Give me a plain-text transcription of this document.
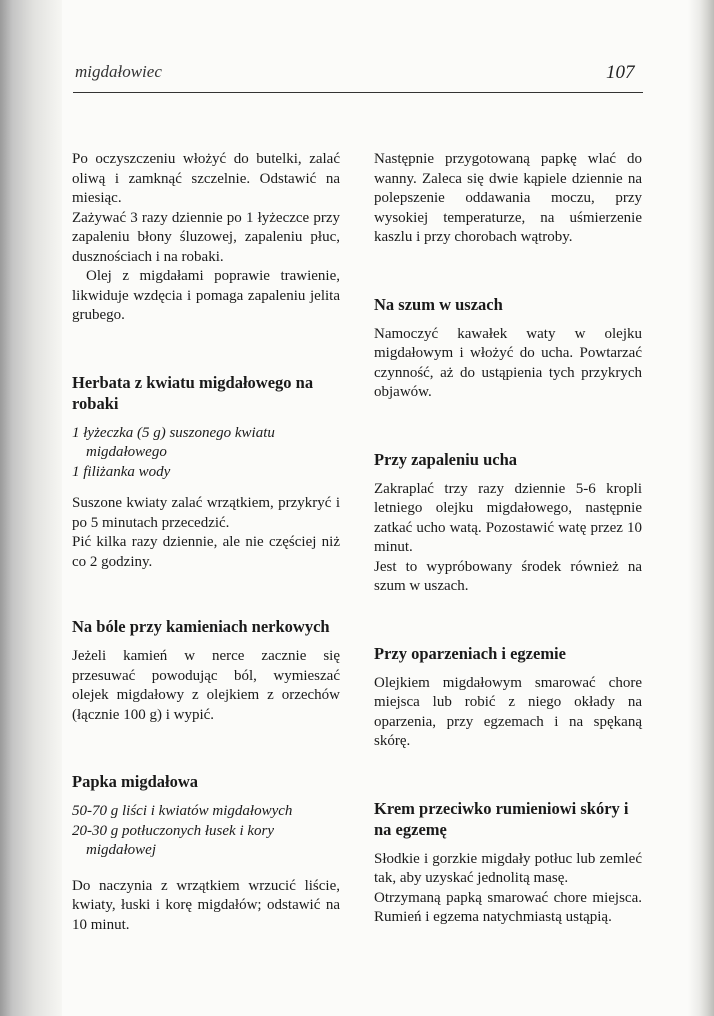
migdałowiec	107

Po oczyszczeniu włożyć do butelki, zalać oliwą i zamknąć szczelnie. Odstawić na miesiąc.

Zażywać 3 razy dziennie po 1 łyżeczce przy zapaleniu błony śluzowej, zapaleniu płuc, dusznościach i na robaki.

Olej z migdałami poprawie trawienie, likwiduje wzdęcia i pomaga zapaleniu jelita grubego.

Herbata z kwiatu migdałowego na robaki
1 łyżeczka (5 g) suszonego kwiatu
migdałowego
1 filiżanka wody

Suszone kwiaty zalać wrzątkiem, przykryć i po 5 minutach przecedzić.

Pić kilka razy dziennie, ale nie częściej niż co 2 godziny.

Na bóle przy kamieniach nerkowych

Jeżeli kamień w nerce zacznie się przesuwać powodując ból, wymieszać olejek migdałowy z olejkiem z orzechów (łącznie 100 g) i wypić.

Papka migdałowa
50-70 g liści i kwiatów migdałowych
20-30 g potłuczonych łusek i kory
migdałowej

Do naczynia z wrzątkiem wrzucić liście, kwiaty, łuski i korę migdałów; odstawić na 10 minut.

Następnie przygotowaną papkę wlać do wanny. Zaleca się dwie kąpiele dziennie na polepszenie oddawania moczu, przy wysokiej temperaturze, na uśmierzenie kaszlu i przy chorobach wątroby.

Na szum w uszach

Namoczyć kawałek waty w olejku migdałowym i włożyć do ucha. Powtarzać czynność, aż do ustąpienia tych przykrych objawów.

Przy zapaleniu ucha

Zakraplać trzy razy dziennie 5-6 kropli letniego olejku migdałowego, następnie zatkać ucho watą. Pozostawić watę przez 10 minut.

Jest to wypróbowany środek również na szum w uszach.

Przy oparzeniach i egzemie

Olejkiem migdałowym smarować chore miejsca lub robić z niego okłady na oparzenia, przy egzemach i na spękaną skórę.

Krem przeciwko rumieniowi skóry i na egzemę

Słodkie i gorzkie migdały potłuc lub zemleć tak, aby uzyskać jednolitą masę.

Otrzymaną papką smarować chore miejsca. Rumień i egzema natychmiastą ustąpią.
